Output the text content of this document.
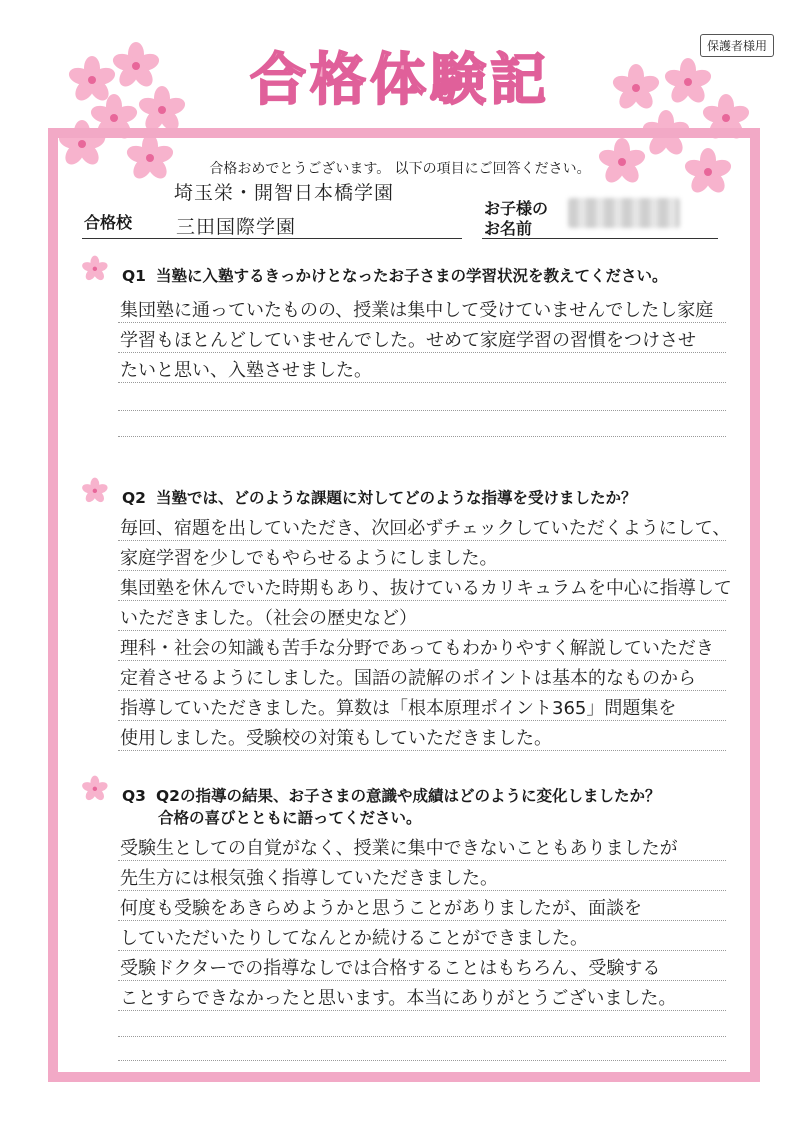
保護者様用
合格体験記
合格おめでとうございます。 以下の項目にご回答ください。
合格校
埼玉栄・開智日本橋学園
三田国際学園
お子様の
お名前
Q1 当塾に入塾するきっかけとなったお子さまの学習状況を教えてください。
集団塾に通っていたものの、授業は集中して受けていませんでしたし家庭
学習もほとんどしていませんでした。せめて家庭学習の習慣をつけさせ
たいと思い、入塾させました。
Q2 当塾では、どのような課題に対してどのような指導を受けましたか？
毎回、宿題を出していただき、次回必ずチェックしていただくようにして、
家庭学習を少しでもやらせるようにしました。
集団塾を休んでいた時期もあり、抜けているカリキュラムを中心に指導して
いただきました。（社会の歴史など）
理科・社会の知識も苦手な分野であってもわかりやすく解説していただき
定着させるようにしました。国語の読解のポイントは基本的なものから
指導していただきました。算数は「根本原理ポイント365」問題集を
使用しました。受験校の対策もしていただきました。
Q3 Q2の指導の結果、お子さまの意識や成績はどのように変化しましたか？
合格の喜びとともに語ってください。
受験生としての自覚がなく、授業に集中できないこともありましたが
先生方には根気強く指導していただきました。
何度も受験をあきらめようかと思うことがありましたが、面談を
していただいたりしてなんとか続けることができました。
受験ドクターでの指導なしでは合格することはもちろん、受験する
ことすらできなかったと思います。本当にありがとうございました。
